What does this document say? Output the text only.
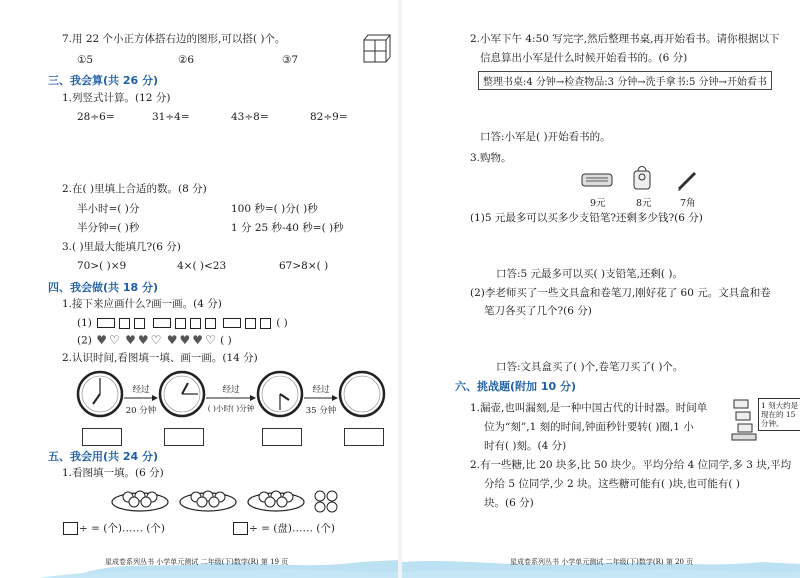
7.用 22 个小正方体搭右边的图形,可以搭( )个。
①5	②6	③7
三、我会算(共 26 分)
1.列竖式计算。(12 分)
28÷6=	31÷4=	43÷8=	82÷9=
2.在( )里填上合适的数。(8 分)
半小时=( )分	100 秒=( )分( )秒
半分钟=( )秒	1 分 25 秒-40 秒=( )秒
3.( )里最大能填几?(6 分)
70>( )×9	4×( )<23	67>8×( )
四、我会做(共 18 分)
1.接下来应画什么?画一画。(4 分)
(1)	( )
(2) ♥ ♡ ♥ ♥ ♡ ♥ ♥ ♥ ♡ ( )
2.认识时间,看图填一填、画一画。(14 分)
经过
20 分钟
经过
( )小时( )分钟
经过
35 分钟
五、我会用(共 24 分)
1.看图填一填。(6 分)
÷ = (个)…… (个)	÷ = (盘)…… (个)
星成卷系列丛书 小学单元测试 二年级(下)数学(R) 第 19 页
2.小军下午 4:50 写完字,然后整理书桌,再开始看书。请你根据以下
信息算出小军是什么时候开始看书的。(6 分)
整理书桌:4 分钟→检查物品:3 分钟→洗手拿书:5 分钟→开始看书
口答:小军是( )开始看书的。
3.购物。
9元	8元	7角
(1)5 元最多可以买多少支铅笔?还剩多少钱?(6 分)
口答:5 元最多可以买( )支铅笔,还剩( )。
(2)李老师买了一些文具盒和卷笔刀,刚好花了 60 元。文具盒和卷
笔刀各买了几个?(6 分)
口答:文具盒买了( )个,卷笔刀买了( )个。
六、挑战题(附加 10 分)
1.漏壶,也叫漏刻,是一种中国古代的计时器。时间单
位为“刻”,1 刻的时间,钟面秒针要转( )圈,1 小
时有( )刻。(4 分)
1 刻大约是现在的 15 分钟。
2.有一些糖,比 20 块多,比 50 块少。平均分给 4 位同学,多 3 块,平均
分给 5 位同学,少 2 块。这些糖可能有( )块,也可能有( )
块。(6 分)
星成卷系列丛书 小学单元测试 二年级(下)数学(R) 第 20 页
